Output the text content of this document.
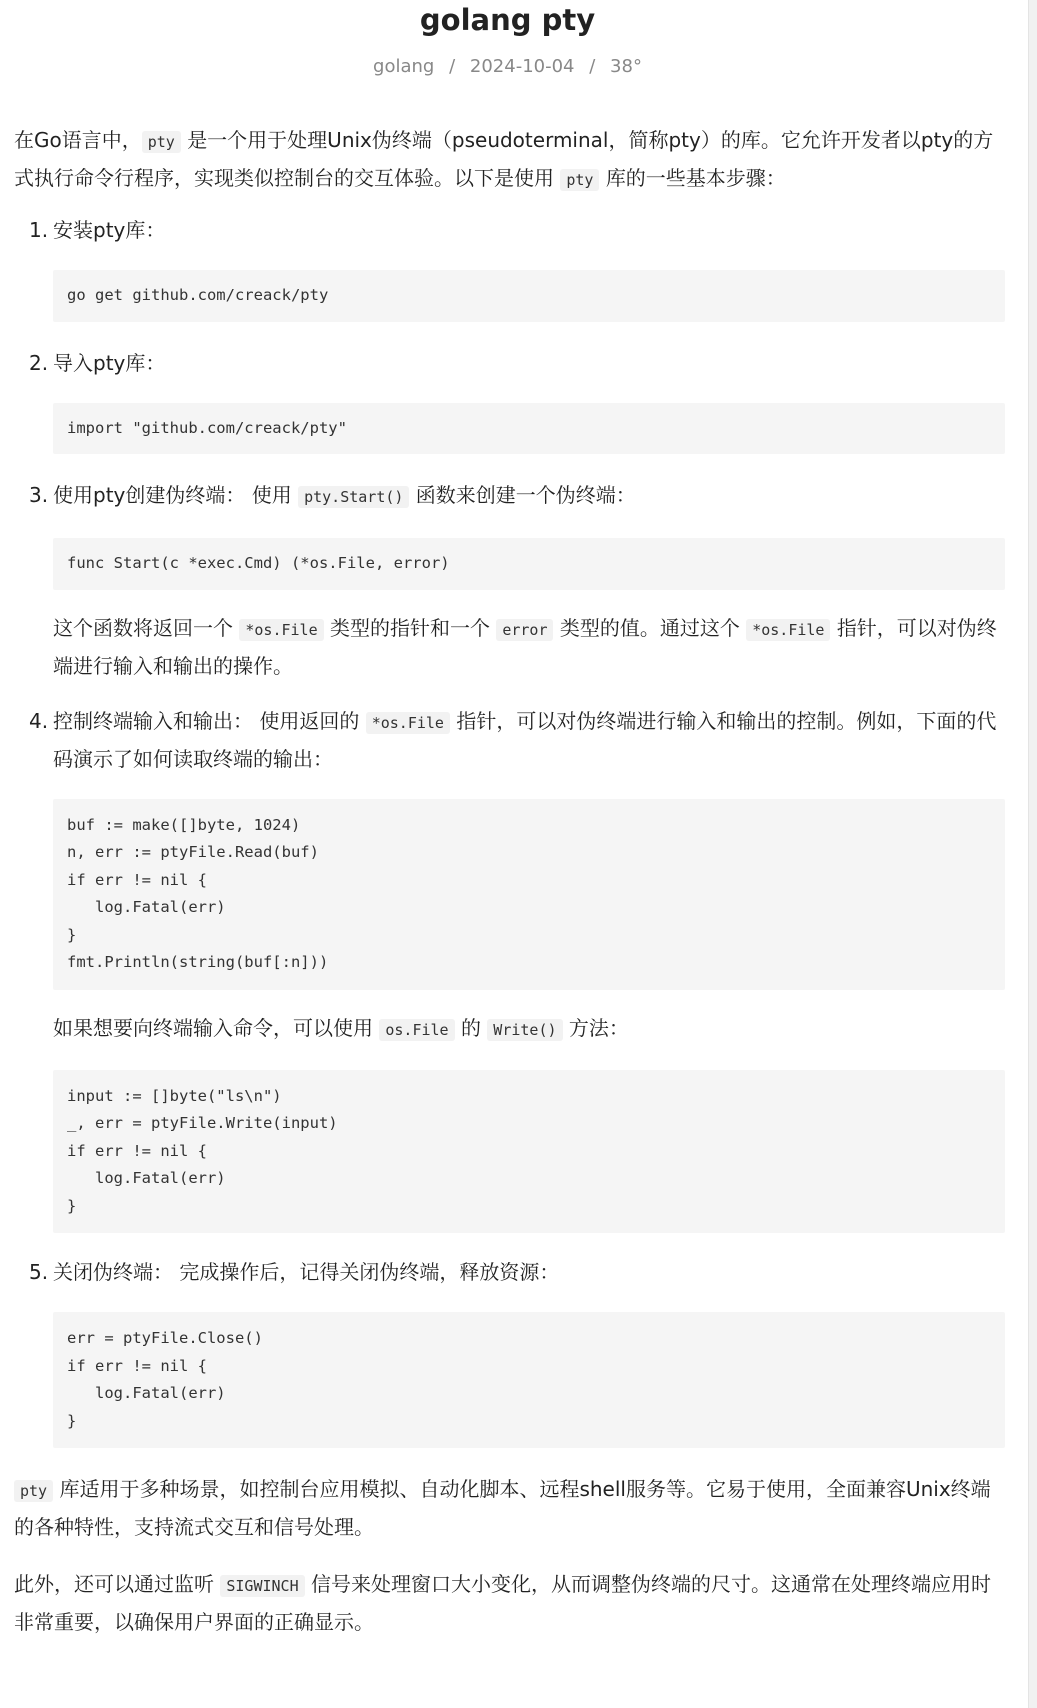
golang pty
golang / 2024-10-04 / 38°

在Go语言中， pty 是一个用于处理Unix伪终端（pseudoterminal，简称pty）的库。它允许开发者以pty的方式执行命令行程序，实现类似控制台的交互体验。以下是使用 pty 库的一些基本步骤：

1. 安装pty库：
go get github.com/creack/pty
2. 导入pty库：
import "github.com/creack/pty"
3. 使用pty创建伪终端： 使用 pty.Start() 函数来创建一个伪终端：
func Start(c *exec.Cmd) (*os.File, error)

这个函数将返回一个 *os.File 类型的指针和一个 error 类型的值。通过这个 *os.File 指针，可以对伪终端进行输入和输出的操作。

4. 控制终端输入和输出： 使用返回的 *os.File 指针，可以对伪终端进行输入和输出的控制。例如，下面的代码演示了如何读取终端的输出：
buf := make([]byte, 1024)
n, err := ptyFile.Read(buf)
if err != nil {
log.Fatal(err)
}
fmt.Println(string(buf[:n]))

如果想要向终端输入命令，可以使用 os.File 的 Write() 方法：

input := []byte("ls\n")
_, err = ptyFile.Write(input)
if err != nil {
log.Fatal(err)
}
5. 关闭伪终端： 完成操作后，记得关闭伪终端，释放资源：
err = ptyFile.Close()
if err != nil {
log.Fatal(err)
}

pty 库适用于多种场景，如控制台应用模拟、自动化脚本、远程shell服务等。它易于使用，全面兼容Unix终端的各种特性，支持流式交互和信号处理。

此外，还可以通过监听 SIGWINCH 信号来处理窗口大小变化，从而调整伪终端的尺寸。这通常在处理终端应用时非常重要，以确保用户界面的正确显示。
